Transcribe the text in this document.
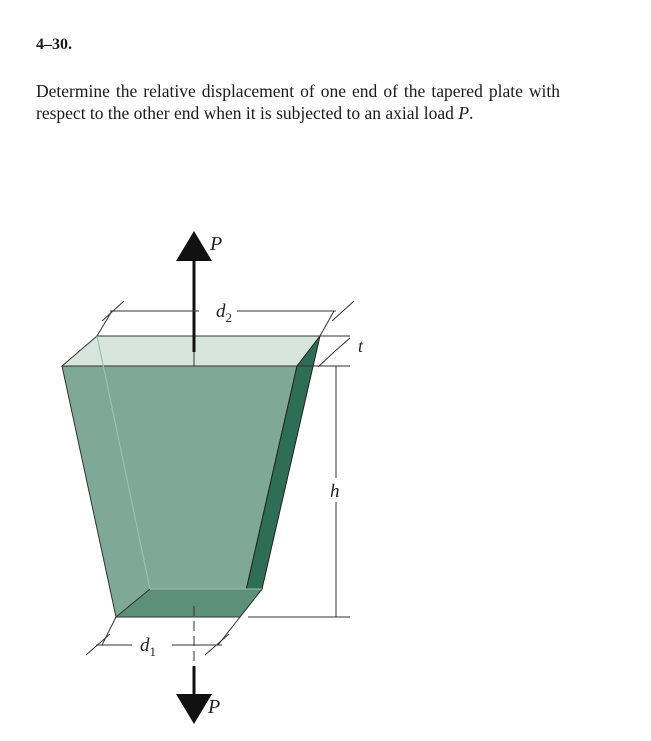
4–30.

Determine the relative displacement of one end of the tapered plate with respect to the other end when it is subjected to an axial load P.

P
$d_2$
t
h
$d_1$
P
